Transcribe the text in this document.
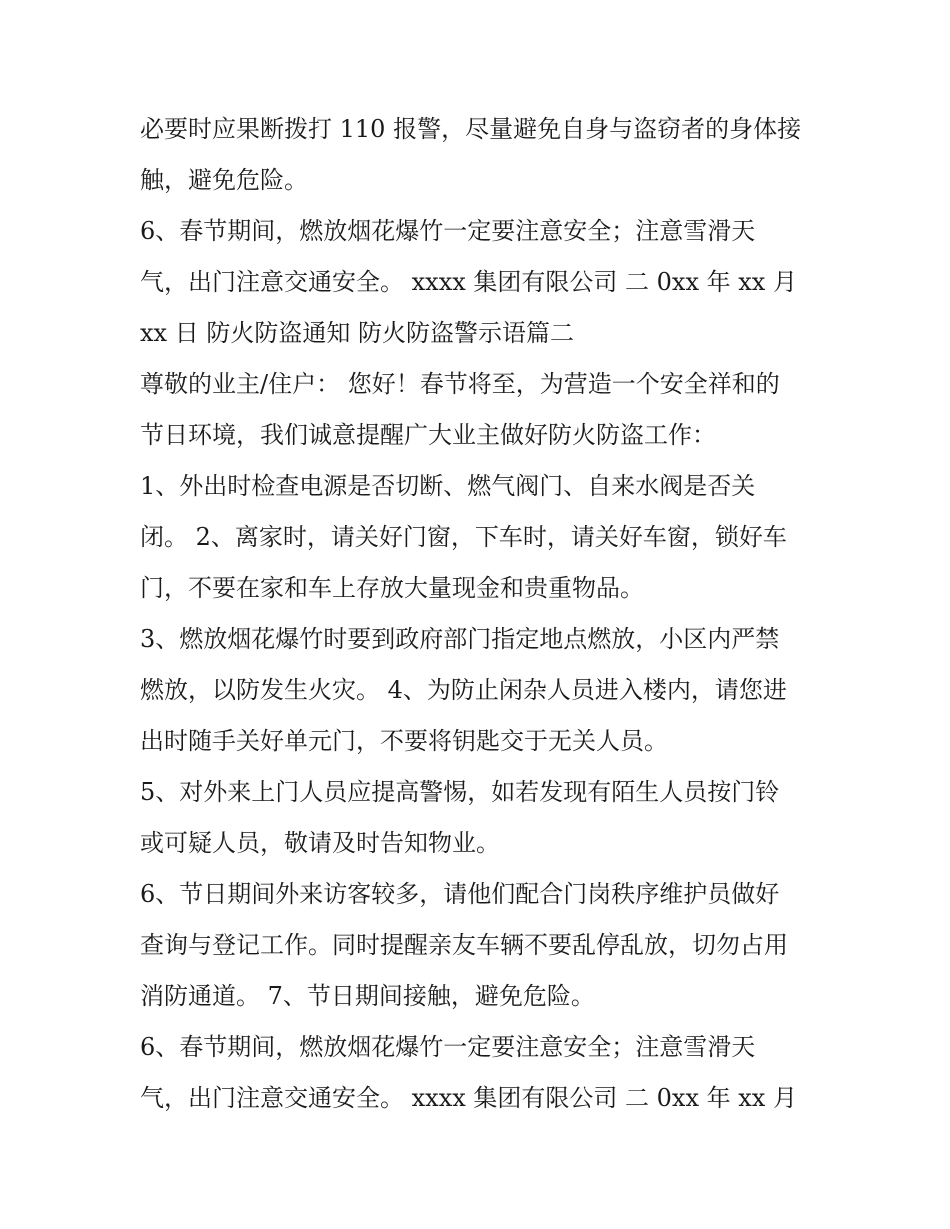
必要时应果断拨打 110 报警，尽量避免自身与盗窃者的身体接
触，避免危险。
6、春节期间，燃放烟花爆竹一定要注意安全；注意雪滑天
气，出门注意交通安全。 xxxx 集团有限公司 二 0xx 年 xx 月
xx 日 防火防盗通知 防火防盗警示语篇二
尊敬的业主/住户： 您好！春节将至，为营造一个安全祥和的
节日环境，我们诚意提醒广大业主做好防火防盗工作：
1、外出时检查电源是否切断、燃气阀门、自来水阀是否关
闭。 2、离家时，请关好门窗，下车时，请关好车窗，锁好车
门，不要在家和车上存放大量现金和贵重物品。
3、燃放烟花爆竹时要到政府部门指定地点燃放，小区内严禁
燃放，以防发生火灾。 4、为防止闲杂人员进入楼内，请您进
出时随手关好单元门，不要将钥匙交于无关人员。
5、对外来上门人员应提高警惕，如若发现有陌生人员按门铃
或可疑人员，敬请及时告知物业。
6、节日期间外来访客较多，请他们配合门岗秩序维护员做好
查询与登记工作。同时提醒亲友车辆不要乱停乱放，切勿占用
消防通道。 7、节日期间接触，避免危险。
6、春节期间，燃放烟花爆竹一定要注意安全；注意雪滑天
气，出门注意交通安全。 xxxx 集团有限公司 二 0xx 年 xx 月
